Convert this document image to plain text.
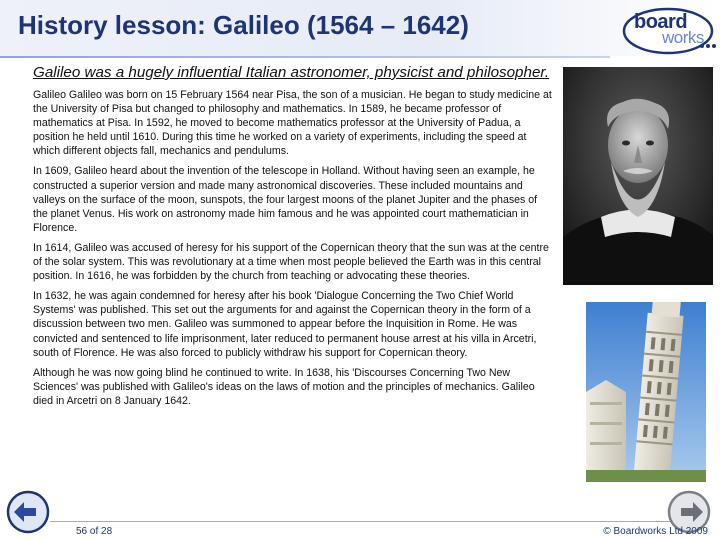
History lesson: Galileo (1564 – 1642)	board
works

Galileo was a hugely influential Italian astronomer, physicist and philosopher.

Galileo Galileo was born on 15 February 1564 near Pisa, the son of a musician. He began to study medicine at the University of Pisa but changed to philosophy and mathematics. In 1589, he became professor of mathematics at Pisa. In 1592, he moved to become mathematics professor at the University of Padua, a position he held until 1610. During this time he worked on a variety of experiments, including the speed at which different objects fall, mechanics and pendulums.

In 1609, Galileo heard about the invention of the telescope in Holland. Without having seen an example, he constructed a superior version and made many astronomical discoveries. These included mountains and valleys on the surface of the moon, sunspots, the four largest moons of the planet Jupiter and the phases of the planet Venus. His work on astronomy made him famous and he was appointed court mathematician in Florence.

In 1614, Galileo was accused of heresy for his support of the Copernican theory that the sun was at the centre of the solar system. This was revolutionary at a time when most people believed the Earth was in this central position. In 1616, he was forbidden by the church from teaching or advocating these theories.

In 1632, he was again condemned for heresy after his book 'Dialogue Concerning the Two Chief World Systems' was published. This set out the arguments for and against the Copernican theory in the form of a discussion between two men. Galileo was summoned to appear before the Inquisition in Rome. He was convicted and sentenced to life imprisonment, later reduced to permanent house arrest at his villa in Arcetri, south of Florence. He was also forced to publicly withdraw his support for Copernican theory.

Although he was now going blind he continued to write. In 1638, his 'Discourses Concerning Two New Sciences' was published with Galileo's ideas on the laws of motion and the principles of mechanics. Galileo died in Arcetri on 8 January 1642.

56 of 28	© Boardworks Ltd 2009
